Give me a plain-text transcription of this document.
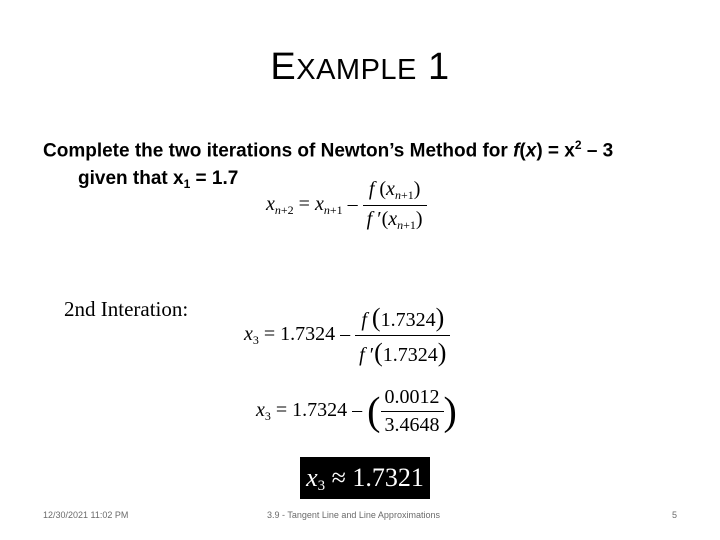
EXAMPLE 1
Complete the two iterations of Newton’s Method for $f(x) = x^2 - 3$
given that $x_1 = 1.7$
$x_{n+2} = x_{n+1} - \frac{f (x_{n+1})}{f '(x_{n+1})}$
2nd Interation:
$x_3 = 1.7324 - \frac{f (1.7324)}{f '(1.7324)}$
$x_3 = 1.7324$ – ( $\frac{0.0012}{3.4648}$ )
$x_3 \approx 1.7321$
12/30/2021 11:02 PM	3.9 - Tangent Line and Line Approximations	5
